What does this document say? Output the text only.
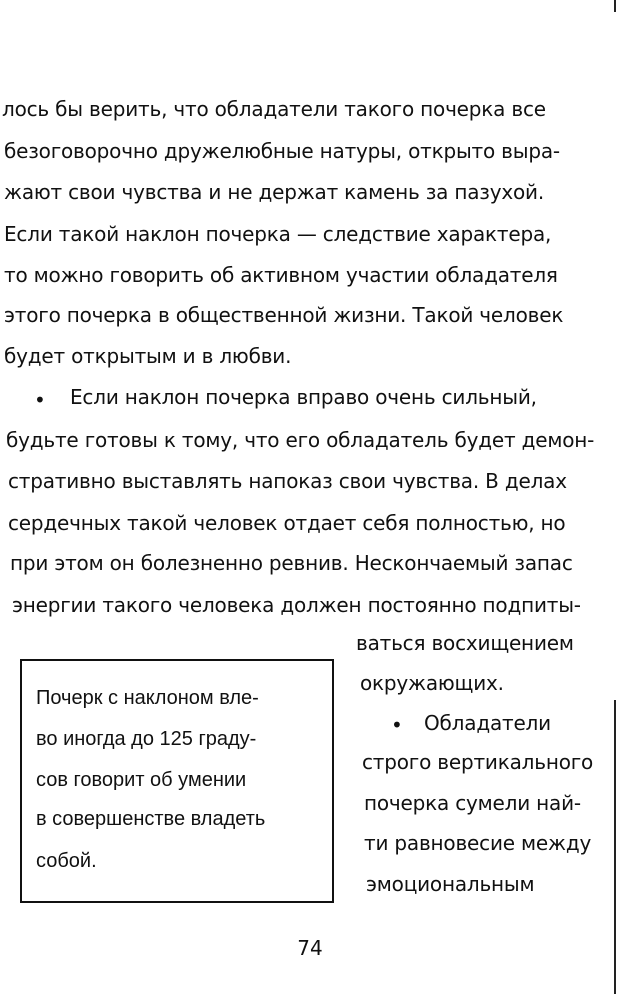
лось бы верить, что обладатели такого почерка все
безоговорочно дружелюбные натуры, открыто выра-
жают свои чувства и не держат камень за пазухой.
Если такой наклон почерка — следствие характера,
то можно говорить об активном участии обладателя
этого почерка в общественной жизни. Такой человек
будет открытым и в любви.
• Если наклон почерка вправо очень сильный,
будьте готовы к тому, что его обладатель будет демон-
стративно выставлять напоказ свои чувства. В делах
сердечных такой человек отдает себя полностью, но
при этом он болезненно ревнив. Нескончаемый запас
энергии такого человека должен постоянно подпиты-
ваться восхищением
окружающих.
• Обладатели
строго вертикального
почерка сумели най-
ти равновесие между
эмоциональным
Почерк с наклоном вле-
во иногда до 125 граду-
сов говорит об умении
в совершенстве владеть
собой.
74
